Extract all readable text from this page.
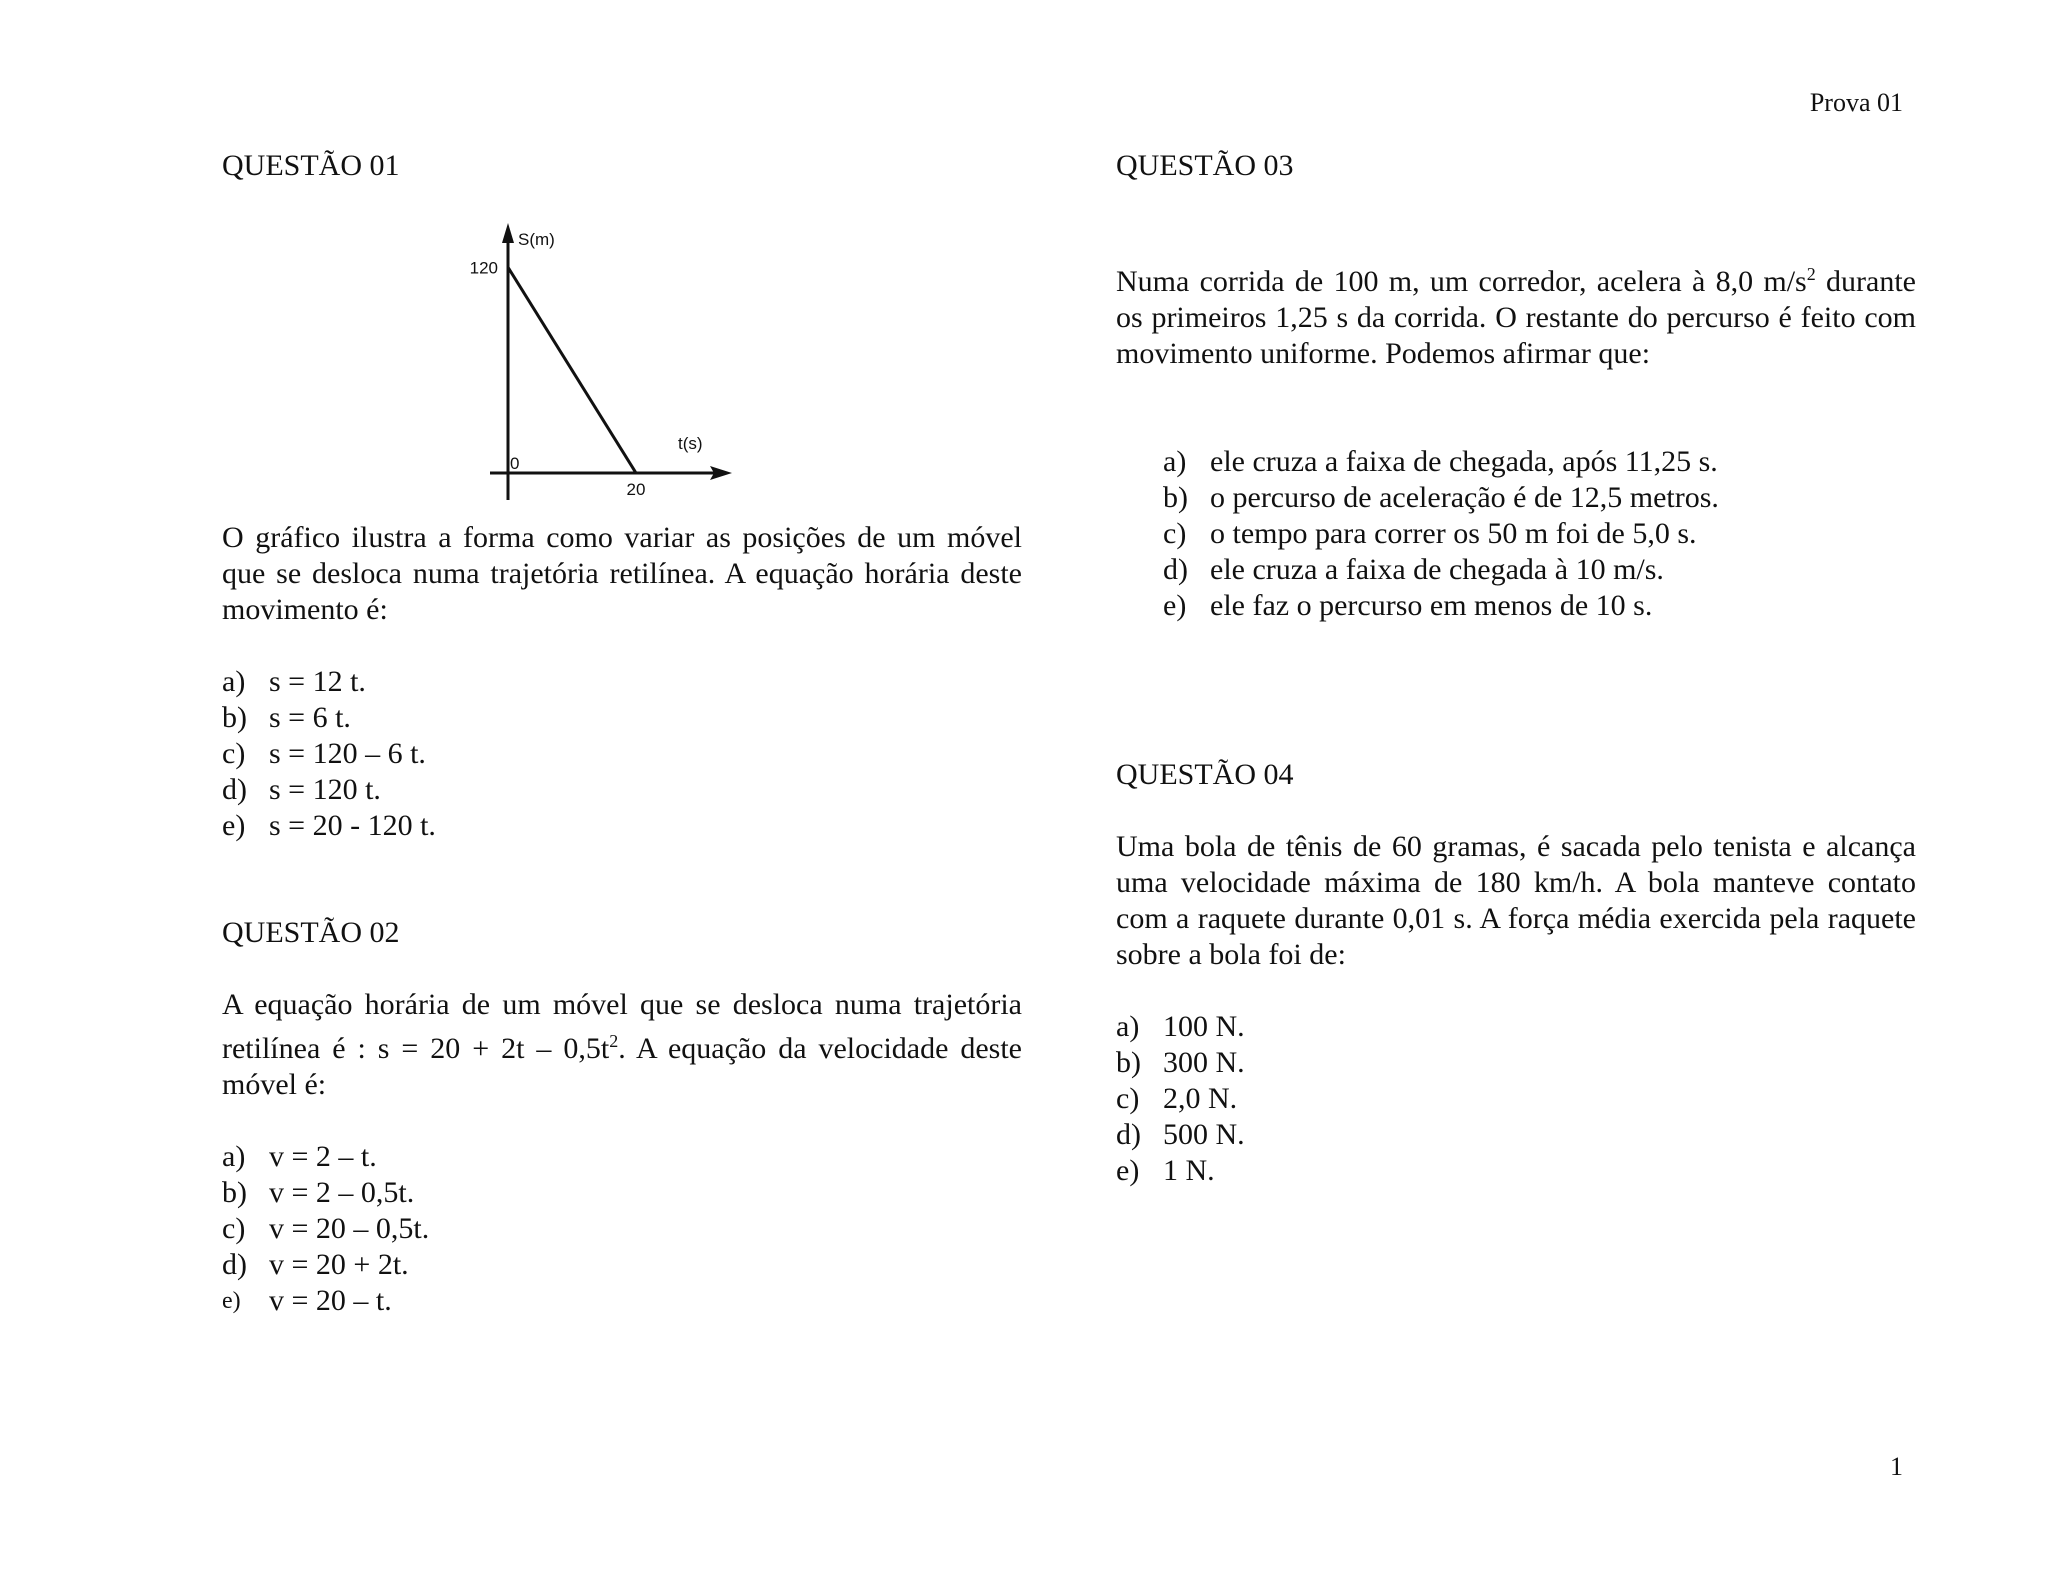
Prova 01
1
QUESTÃO 01
S(m)
t(s)
120
20
0
O gráfico ilustra a forma como variar as posições de um móvel que se desloca numa trajetória retilínea. A equação horária deste movimento é:
a) s = 12 t.
b) s = 6 t.
c) s = 120 – 6 t.
d) s = 120 t.
e) s = 20 - 120 t.
QUESTÃO 02
A equação horária de um móvel que se desloca numa trajetória retilínea é : $s = 20 + 2t - 0,5t^2$. A equação da velocidade deste móvel é:
a) v = 2 – t.
b) v = 2 – 0,5t.
c) v = 20 – 0,5t.
d) v = 20 + 2t.
e) v = 20 – t.
QUESTÃO 03
Numa corrida de 100 m, um corredor, acelera à 8,0 $m/s^2$ durante os primeiros 1,25 s da corrida. O restante do percurso é feito com movimento uniforme. Podemos afirmar que:
a) ele cruza a faixa de chegada, após 11,25 s.
b) o percurso de aceleração é de 12,5 metros.
c) o tempo para correr os 50 m foi de 5,0 s.
d) ele cruza a faixa de chegada à 10 m/s.
e) ele faz o percurso em menos de 10 s.
QUESTÃO 04
Uma bola de tênis de 60 gramas, é sacada pelo tenista e alcança uma velocidade máxima de 180 km/h. A bola manteve contato com a raquete durante 0,01 s. A força média exercida pela raquete sobre a bola foi de:
a) 100 N.
b) 300 N.
c) 2,0 N.
d) 500 N.
e) 1 N.
